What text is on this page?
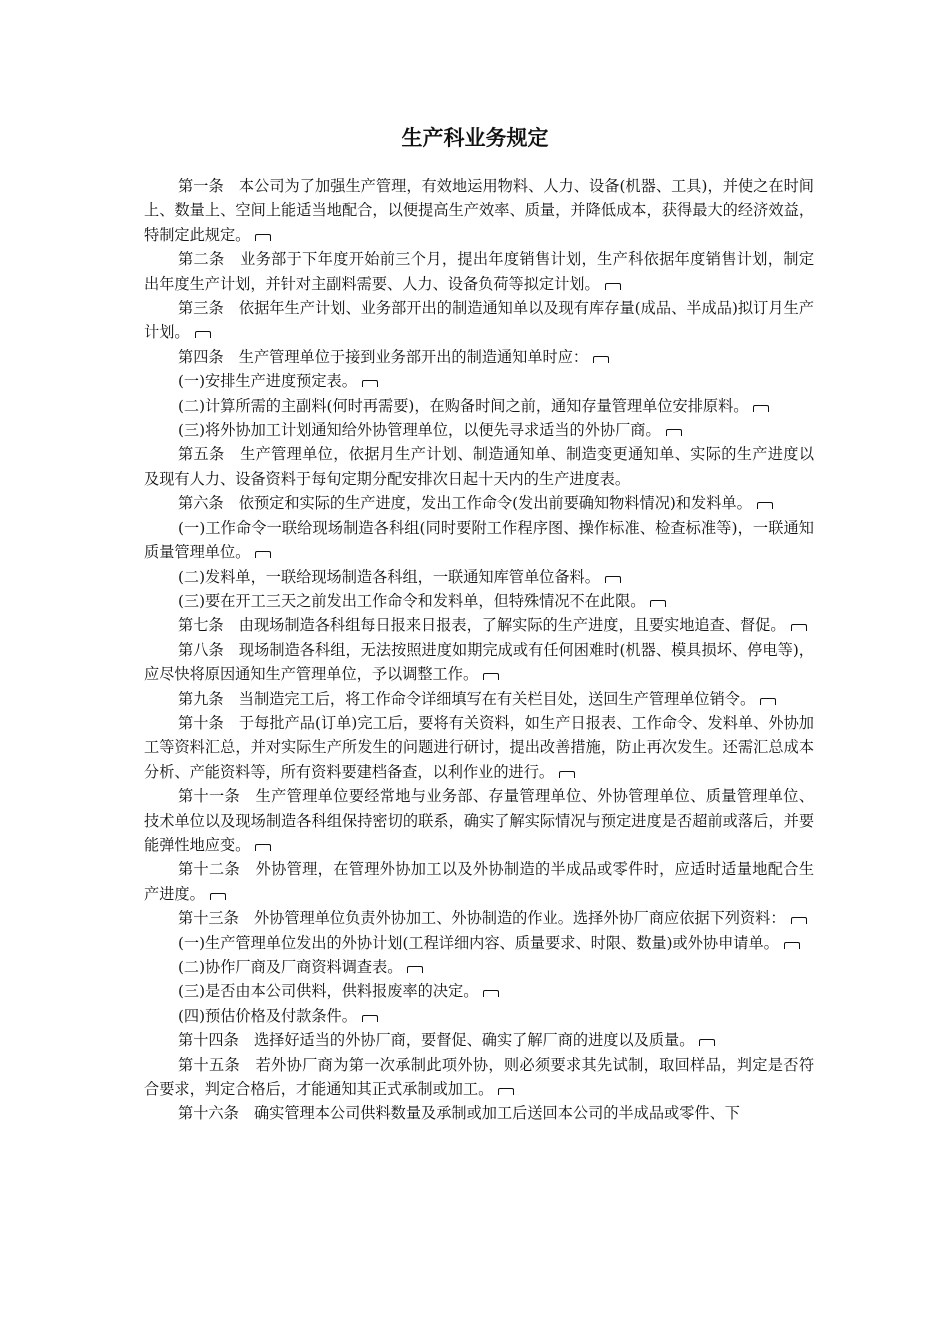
生产科业务规定

第一条　本公司为了加强生产管理，有效地运用物料、人力、设备(机器、工具)，并使之在时间上、数量上、空间上能适当地配合，以便提高生产效率、质量，并降低成本，获得最大的经济效益，特制定此规定。

第二条　业务部于下年度开始前三个月，提出年度销售计划，生产科依据年度销售计划，制定出年度生产计划，并针对主副料需要、人力、设备负荷等拟定计划。

第三条　依据年生产计划、业务部开出的制造通知单以及现有库存量(成品、半成品)拟订月生产计划。

第四条　生产管理单位于接到业务部开出的制造通知单时应：

(一)安排生产进度预定表。

(二)计算所需的主副料(何时再需要)，在购备时间之前，通知存量管理单位安排原料。

(三)将外协加工计划通知给外协管理单位，以便先寻求适当的外协厂商。

第五条　生产管理单位，依据月生产计划、制造通知单、制造变更通知单、实际的生产进度以及现有人力、设备资料于每旬定期分配安排次日起十天内的生产进度表。

第六条　依预定和实际的生产进度，发出工作命令(发出前要确知物料情况)和发料单。

(一)工作命令一联给现场制造各科组(同时要附工作程序图、操作标准、检查标准等)，一联通知质量管理单位。

(二)发料单，一联给现场制造各科组，一联通知库管单位备料。

(三)要在开工三天之前发出工作命令和发料单，但特殊情况不在此限。

第七条　由现场制造各科组每日报来日报表，了解实际的生产进度，且要实地追查、督促。

第八条　现场制造各科组，无法按照进度如期完成或有任何困难时(机器、模具损坏、停电等)，应尽快将原因通知生产管理单位，予以调整工作。

第九条　当制造完工后，将工作命令详细填写在有关栏目处，送回生产管理单位销令。

第十条　于每批产品(订单)完工后，要将有关资料，如生产日报表、工作命令、发料单、外协加工等资料汇总，并对实际生产所发生的问题进行研讨，提出改善措施，防止再次发生。还需汇总成本分析、产能资料等，所有资料要建档备查，以利作业的进行。

第十一条　生产管理单位要经常地与业务部、存量管理单位、外协管理单位、质量管理单位、技术单位以及现场制造各科组保持密切的联系，确实了解实际情况与预定进度是否超前或落后，并要能弹性地应变。

第十二条　外协管理，在管理外协加工以及外协制造的半成品或零件时，应适时适量地配合生产进度。

第十三条　外协管理单位负责外协加工、外协制造的作业。选择外协厂商应依据下列资料：

(一)生产管理单位发出的外协计划(工程详细内容、质量要求、时限、数量)或外协申请单。

(二)协作厂商及厂商资料调查表。

(三)是否由本公司供料，供料报废率的决定。

(四)预估价格及付款条件。

第十四条　选择好适当的外协厂商，要督促、确实了解厂商的进度以及质量。

第十五条　若外协厂商为第一次承制此项外协，则必须要求其先试制，取回样品，判定是否符合要求，判定合格后，才能通知其正式承制或加工。

第十六条　确实管理本公司供料数量及承制或加工后送回本公司的半成品或零件、下
